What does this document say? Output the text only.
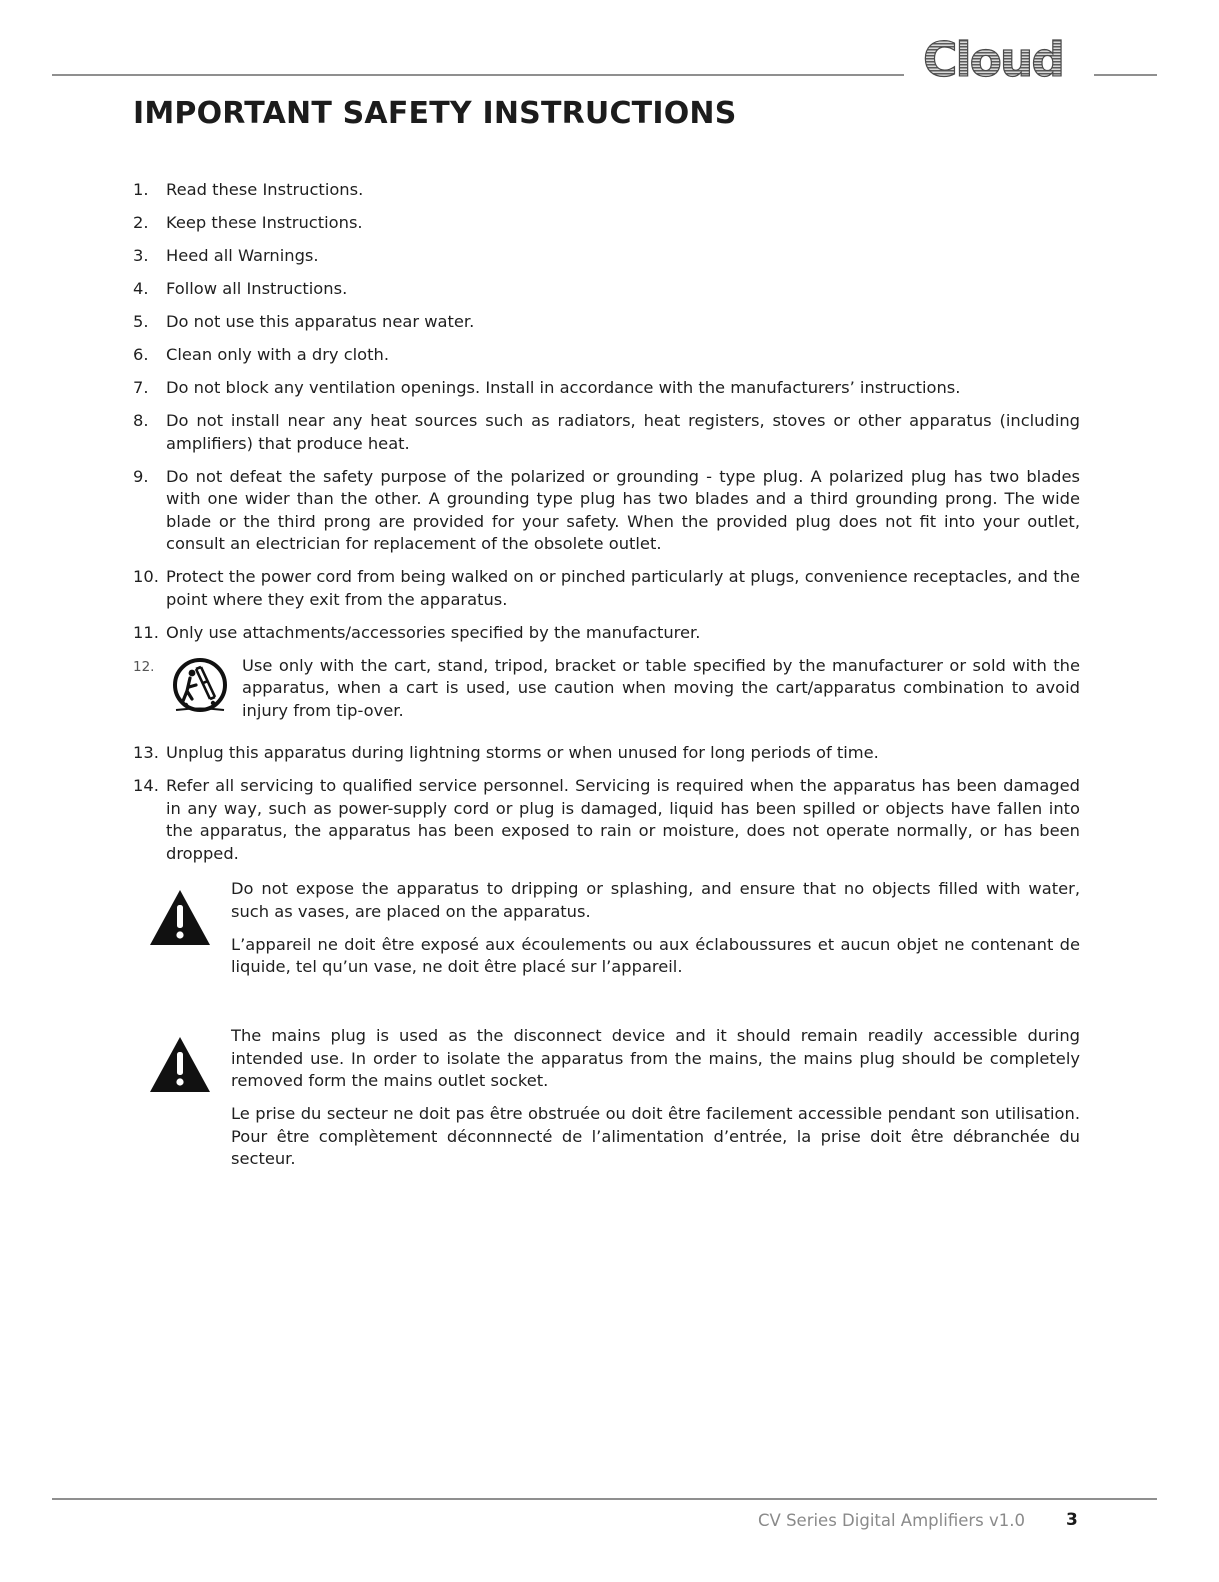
Cloud
IMPORTANT SAFETY INSTRUCTIONS
1.	Read these Instructions.
2.	Keep these Instructions.
3.	Heed all Warnings.
4.	Follow all Instructions.
5.	Do not use this apparatus near water.
6.	Clean only with a dry cloth.
7.	Do not block any ventilation openings. Install in accordance with the manufacturers’ instructions.
8.	Do not install near any heat sources such as radiators, heat registers, stoves or other apparatus (including amplifiers) that produce heat.
9.	Do not defeat the safety purpose of the polarized or grounding - type plug. A polarized plug has two blades with one wider than the other. A grounding type plug has two blades and a third grounding prong. The wide blade or the third prong are provided for your safety. When the provided plug does not fit into your outlet, consult an electrician for replacement of the obsolete outlet.
10. Protect the power cord from being walked on or pinched particularly at plugs, convenience receptacles, and the point where they exit from the apparatus.
11. Only use attachments/accessories specified by the manufacturer.
12.	Use only with the cart, stand, tripod, bracket or table specified by the manufacturer or sold with the apparatus, when a cart is used, use caution when moving the cart/apparatus combination to avoid injury from tip-over.
13. Unplug this apparatus during lightning storms or when unused for long periods of time.
14. Refer all servicing to qualified service personnel. Servicing is required when the apparatus has been damaged in any way, such as power-supply cord or plug is damaged, liquid has been spilled or objects have fallen into the apparatus, the apparatus has been exposed to rain or moisture, does not operate normally, or has been dropped.

Do not expose the apparatus to dripping or splashing, and ensure that no objects filled with water, such as vases, are placed on the apparatus.

L’appareil ne doit être exposé aux écoulements ou aux éclaboussures et aucun objet ne contenant de liquide, tel qu’un vase, ne doit être placé sur l’appareil.

The mains plug is used as the disconnect device and it should remain readily accessible during intended use. In order to isolate the apparatus from the mains, the mains plug should be completely removed form the mains outlet socket.

Le prise du secteur ne doit pas être obstruée ou doit être facilement accessible pendant son utilisation. Pour être complètement déconnnecté de l’alimentation d’entrée, la prise doit être débranchée du secteur.

CV Series Digital Amplifiers v1.0 3
